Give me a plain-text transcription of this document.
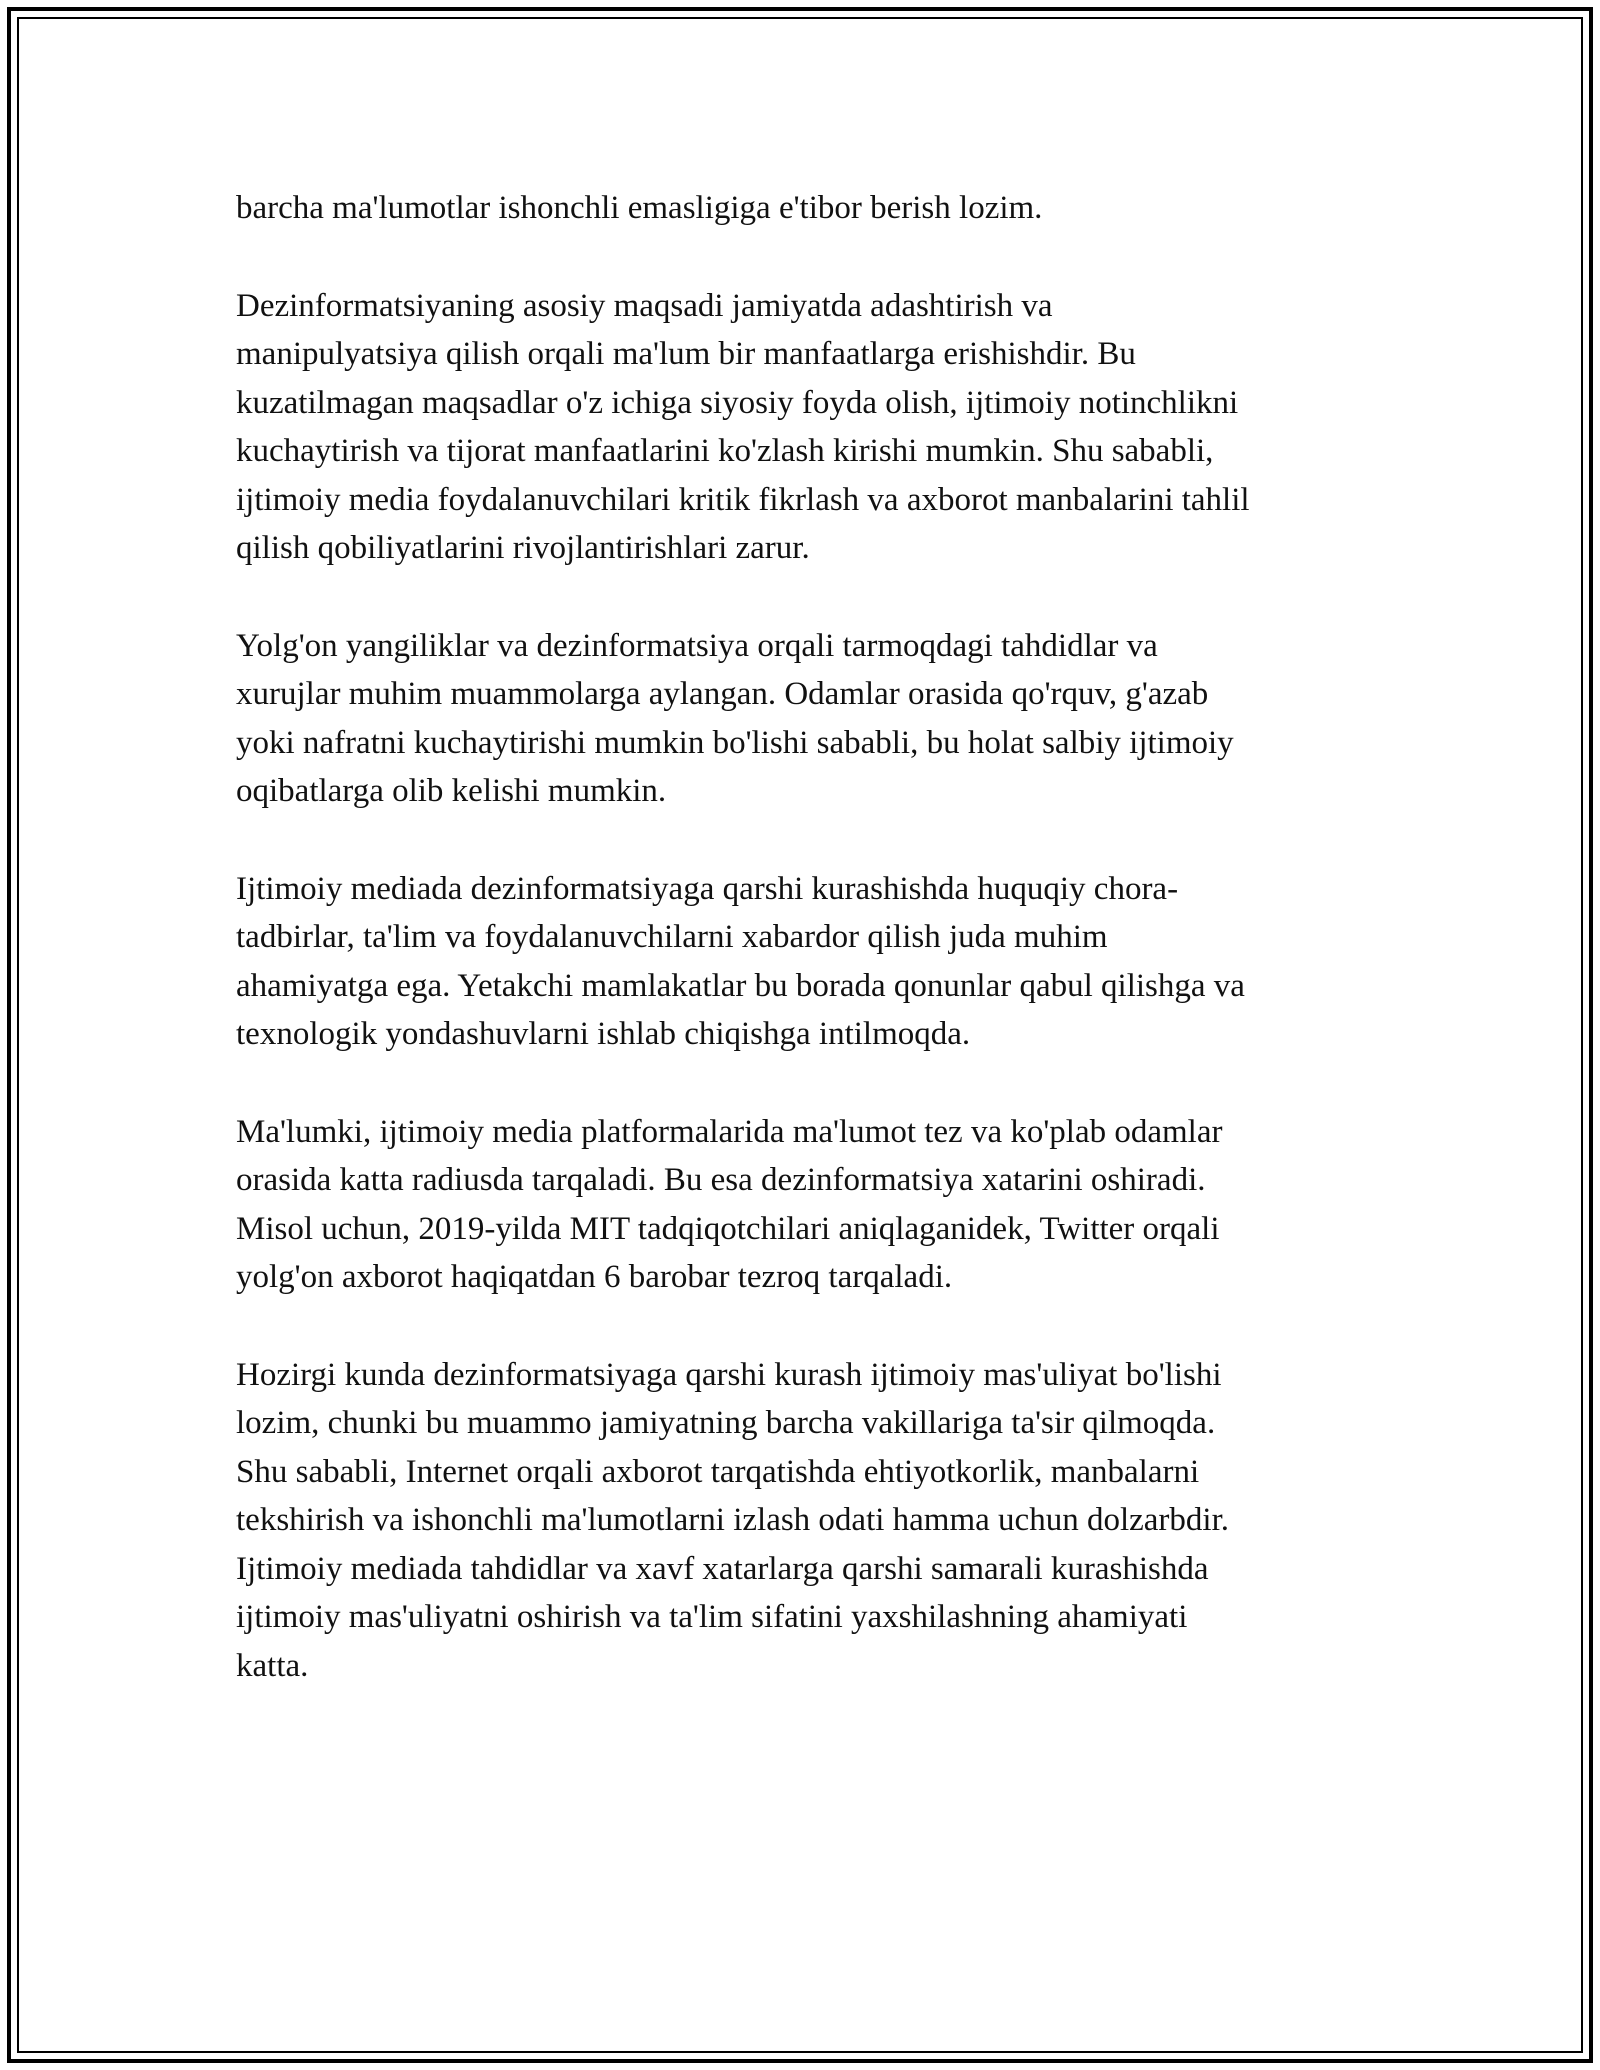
barcha ma'lumotlar ishonchli emasligiga e'tibor berish lozim.

Dezinformatsiyaning asosiy maqsadi jamiyatda adashtirish va
manipulyatsiya qilish orqali ma'lum bir manfaatlarga erishishdir. Bu
kuzatilmagan maqsadlar o'z ichiga siyosiy foyda olish, ijtimoiy notinchlikni
kuchaytirish va tijorat manfaatlarini ko'zlash kirishi mumkin. Shu sababli,
ijtimoiy media foydalanuvchilari kritik fikrlash va axborot manbalarini tahlil
qilish qobiliyatlarini rivojlantirishlari zarur.

Yolg'on yangiliklar va dezinformatsiya orqali tarmoqdagi tahdidlar va
xurujlar muhim muammolarga aylangan. Odamlar orasida qo'rquv, g'azab
yoki nafratni kuchaytirishi mumkin bo'lishi sababli, bu holat salbiy ijtimoiy
oqibatlarga olib kelishi mumkin.

Ijtimoiy mediada dezinformatsiyaga qarshi kurashishda huquqiy chora-
tadbirlar, ta'lim va foydalanuvchilarni xabardor qilish juda muhim
ahamiyatga ega. Yetakchi mamlakatlar bu borada qonunlar qabul qilishga va
texnologik yondashuvlarni ishlab chiqishga intilmoqda.

Ma'lumki, ijtimoiy media platformalarida ma'lumot tez va ko'plab odamlar
orasida katta radiusda tarqaladi. Bu esa dezinformatsiya xatarini oshiradi.
Misol uchun, 2019-yilda MIT tadqiqotchilari aniqlaganidek, Twitter orqali
yolg'on axborot haqiqatdan 6 barobar tezroq tarqaladi.

Hozirgi kunda dezinformatsiyaga qarshi kurash ijtimoiy mas'uliyat bo'lishi
lozim, chunki bu muammo jamiyatning barcha vakillariga ta'sir qilmoqda.
Shu sababli, Internet orqali axborot tarqatishda ehtiyotkorlik, manbalarni
tekshirish va ishonchli ma'lumotlarni izlash odati hamma uchun dolzarbdir.
Ijtimoiy mediada tahdidlar va xavf xatarlarga qarshi samarali kurashishda
ijtimoiy mas'uliyatni oshirish va ta'lim sifatini yaxshilashning ahamiyati
katta.
